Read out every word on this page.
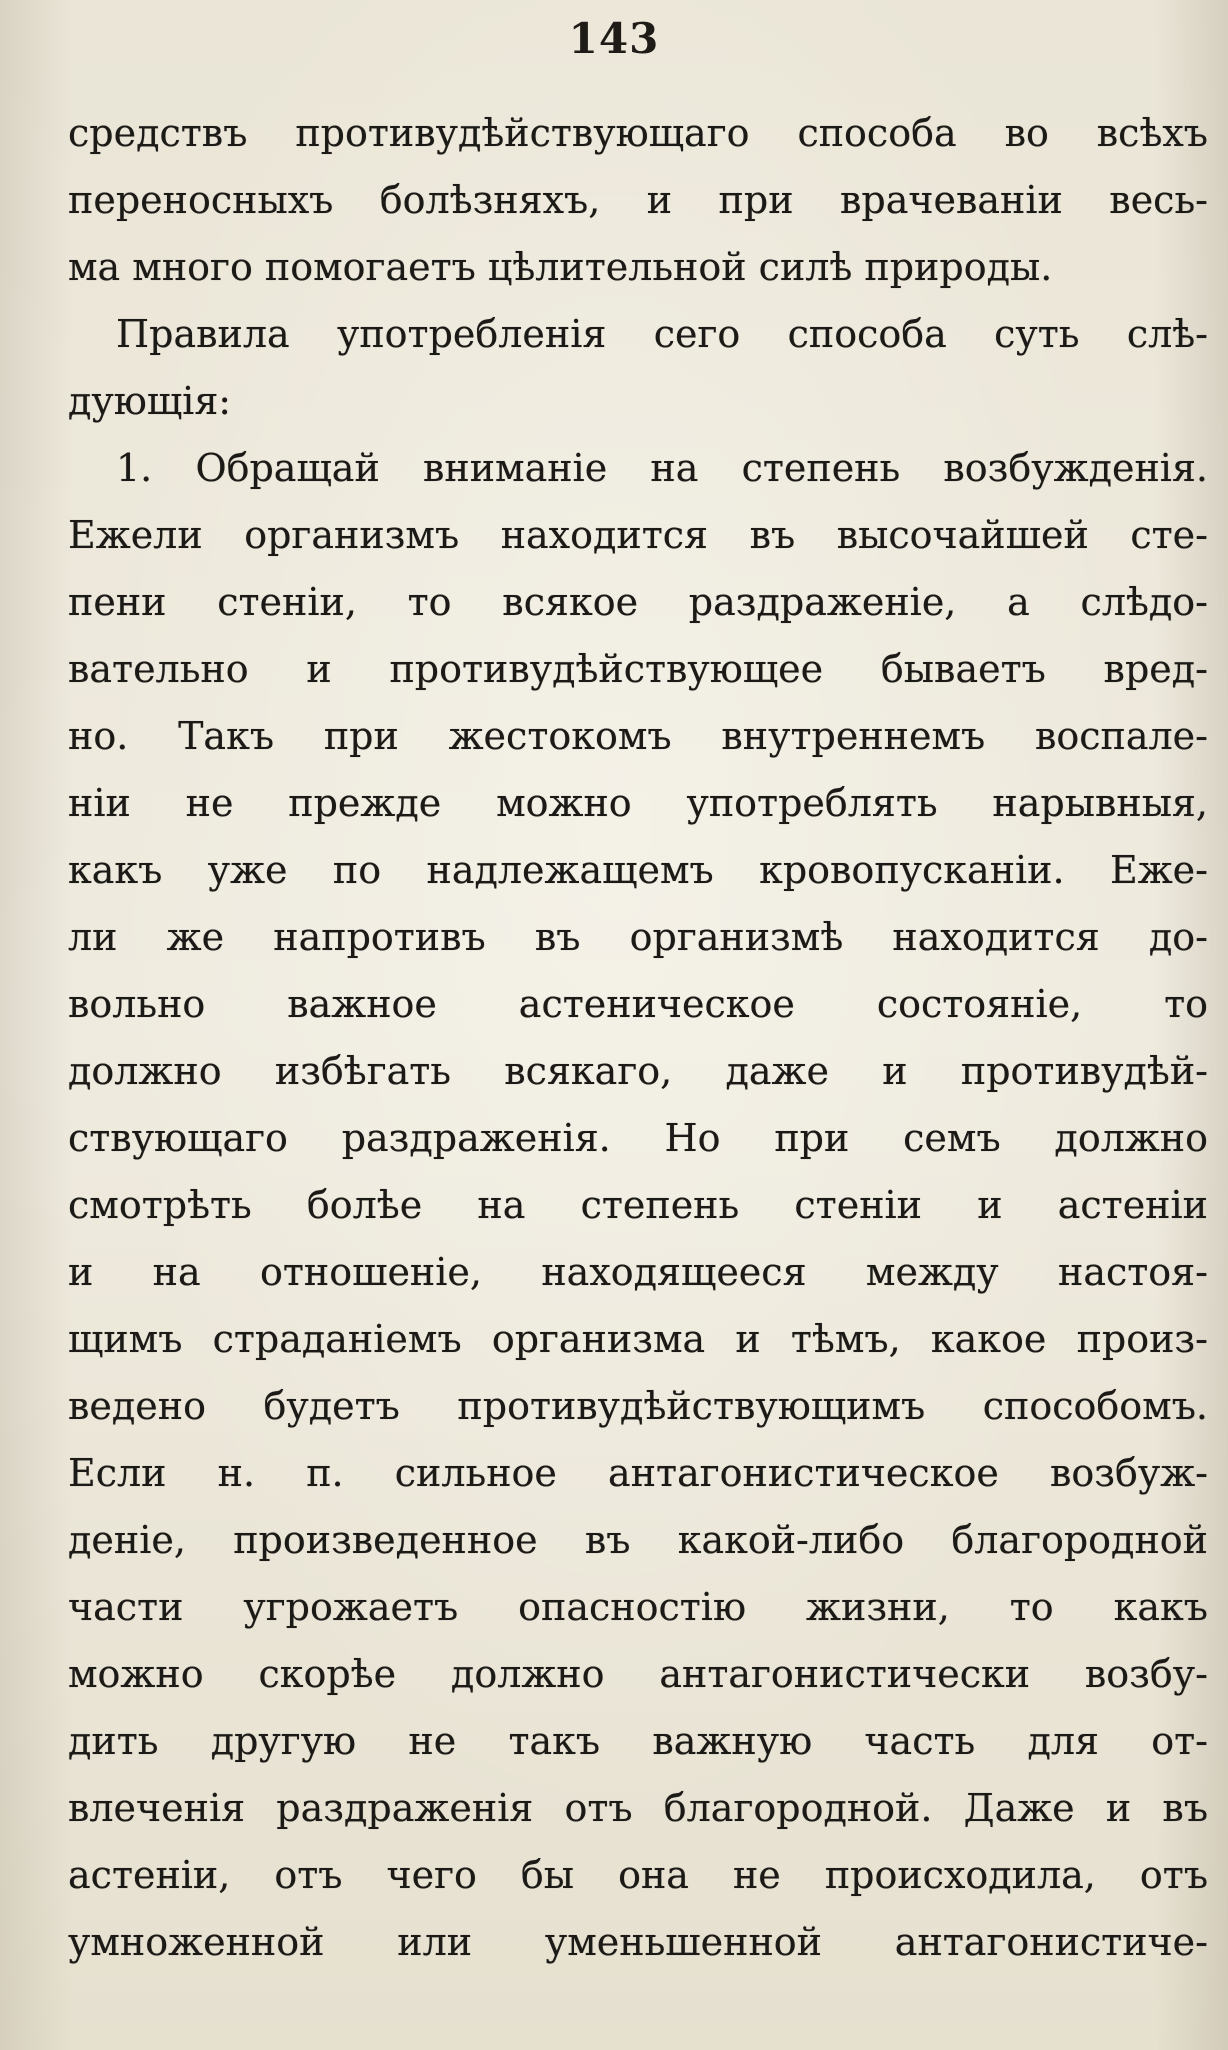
143
средствъ противудѣйствующаго способа во всѣхъ
переносныхъ болѣзняхъ, и при врачеваніи весь-
ма много помогаетъ цѣлительной силѣ природы.
Правила употребленія сего способа суть слѣ-
дующія:
1. Обращай вниманіе на степень возбужденія.
Ежели организмъ находится въ высочайшей сте-
пени стеніи, то всякое раздраженіе, а слѣдо-
вательно и противудѣйствующее бываетъ вред-
но. Такъ при жестокомъ внутреннемъ воспале-
ніи не прежде можно употреблять нарывныя,
какъ уже по надлежащемъ кровопусканіи. Еже-
ли же напротивъ въ организмѣ находится до-
вольно важное астеническое состояніе, то
должно избѣгать всякаго, даже и противудѣй-
ствующаго раздраженія. Но при семъ должно
смотрѣть болѣе на степень стеніи и астеніи
и на отношеніе, находящееся между настоя-
щимъ страданіемъ организма и тѣмъ, какое произ-
ведено будетъ противудѣйствующимъ способомъ.
Если н. п. сильное антагонистическое возбуж-
деніе, произведенное въ какой-либо благородной
части угрожаетъ опасностію жизни, то какъ
можно скорѣе должно антагонистически возбу-
дить другую не такъ важную часть для от-
влеченія раздраженія отъ благородной. Даже и въ
астеніи, отъ чего бы она не происходила, отъ
умноженной или уменьшенной антагонистиче-
